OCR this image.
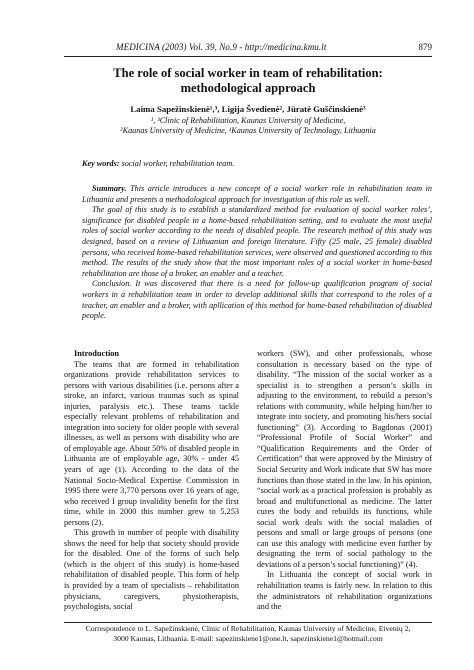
MEDICINA (2003) Vol. 39, No.9 - http://medicina.kmu.lt	879
The role of social worker in team of rehabilitation:
methodological approach
Laima Sapežinskienė¹,³, Ligija Švedienė², Jūratė Guščinskienė³
¹, ³Clinic of Rehabilitation, Kaunas University of Medicine,
²Kaunas University of Medicine, ¹Kaunas University of Technology, Lithuania
Key words: social worker, rehabilitation team.

Summary. This article introduces a new concept of a social worker role in rehabilitation team in Lithuania and presents a methodological approach for investigation of this role as well.

The goal of this study is to establish a standardized method for evaluation of social worker roles’, significance for disabled people in a home-based rehabilitation setting, and to evaluate the most useful roles of social worker according to the needs of disabled people. The research method of this study was designed, based on a review of Lithuanian and foreign literature. Fifty (25 male, 25 female) disabled persons, who received home-based rehabilitation services, were observed and questioned according to this method. The results of the study show that the most important roles of a social worker in home-based rehabilitation are those of a broker, an enabler and a teacher.

Conclusion. It was discovered that there is a need for follow-up qualification program of social workers in a rehabilitation team in order to develop additional skills that correspond to the roles of a teacher, an enabler and a broker, with apllication of this method for home-based rehabilitation of disabled people.

Introduction

The teams that are formed in rehabilitation organizations provide rehabilitation services to persons with various disabilities (i.e. persons after a stroke, an infarct, various traumas such as spinal injuries, paralysis etc.). These teams tackle especially relevant problems of rehabilitation and integration into society for older people with several illnesses, as well as persons with disability who are of employable age. About 50% of disabled people in Lithuania are of employable age, 30% - under 45 years of age (1). According to the data of the National Socio-Medical Expertise Commission in 1995 there were 3,770 persons over 16 years of age, who received I group invalidity benefit for the first time, while in 2000 this number grew to 5,253 persons (2).

This growth in number of people with disability shows the need for help that society should provide for the disabled. One of the forms of such help (which is the object of this study) is home-based rehabilitation of disabled people. This form of help is provided by a team of specialists – rehabilitation physicians, caregivers, physiotherapists, psychologists, social

workers (SW), and other professionals, whose consultation is necessary based on the type of disability. “The mission of the social worker as a specialist is to strengthen a person’s skills in adjusting to the environment, to rebuild a person’s relations with community, while helping him/her to integrate into society, and promoting his/hers social functioning” (3). According to Bagdonas (2001) “Professional Profile of Social Worker” and “Qualification Requirements and the Order of Certification” that were approved by the Ministry of Social Security and Work indicate that SW has more functions than those stated in the law. In his opinion, “social work as a practical profession is probably as broad and multifunctional as medicine. The latter cures the body and rebuilds its functions, while social work deals with the social maladies of persons and small or large groups of persons (one can use this analogy with medicine even further by designating the term of social pathology to the deviations of a person’s social functioning)” (4).

In Lithuania the concept of social work in rehabilitation teams is fairly new. In relation to this the administrators of rehabilitation organizations and the

Correspondence to L. Sapežinskienė, Clinic of Rehabilitation, Kaunas University of Medicine, Eivenių 2,
3000 Kaunas, Lithuania. E-mail: sapezinskiene1@one.lt, sapezinskiene1@hotmail.com
